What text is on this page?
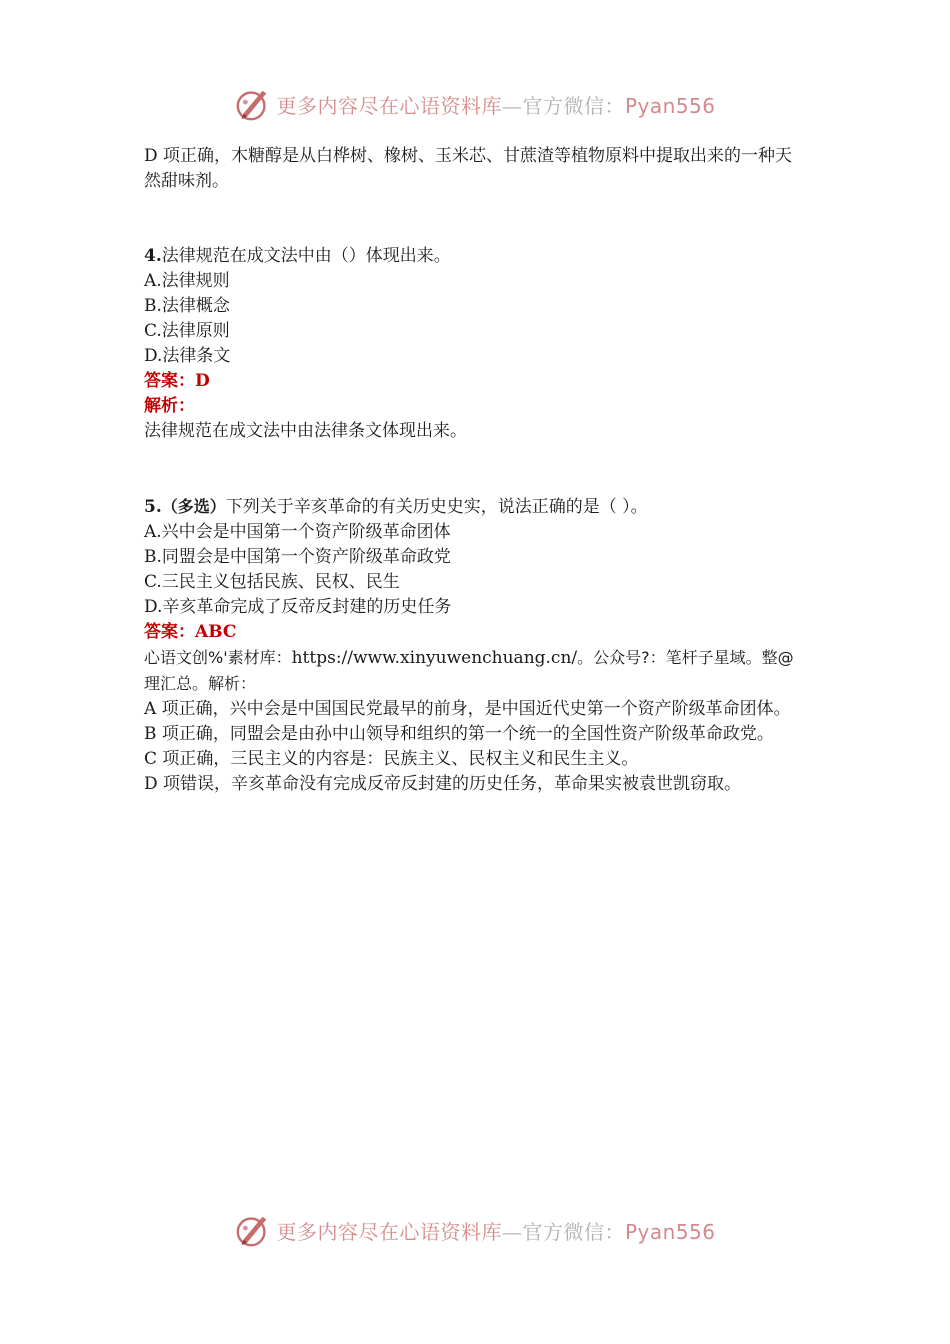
更多内容尽在心语资料库—官方微信：Pyan556

D 项正确，木糖醇是从白桦树、橡树、玉米芯、甘蔗渣等植物原料中提取出来的一种天然甜味剂。

4.法律规范在成文法中由（）体现出来。

A.法律规则

B.法律概念

C.法律原则

D.法律条文

答案：D

解析：

法律规范在成文法中由法律条文体现出来。

5.（多选）下列关于辛亥革命的有关历史史实，说法正确的是（ ）。

A.兴中会是中国第一个资产阶级革命团体

B.同盟会是中国第一个资产阶级革命政党

C.三民主义包括民族、民权、民生

D.辛亥革命完成了反帝反封建的历史任务

答案：ABC

心语文创%'素材库：https://www.xinyuwenchuang.cn/。公众号?：笔杆子星域。整@理汇总。解析：

A 项正确，兴中会是中国国民党最早的前身，是中国近代史第一个资产阶级革命团体。

B 项正确，同盟会是由孙中山领导和组织的第一个统一的全国性资产阶级革命政党。

C 项正确，三民主义的内容是：民族主义、民权主义和民生主义。

D 项错误，辛亥革命没有完成反帝反封建的历史任务，革命果实被袁世凯窃取。

更多内容尽在心语资料库—官方微信：Pyan556
